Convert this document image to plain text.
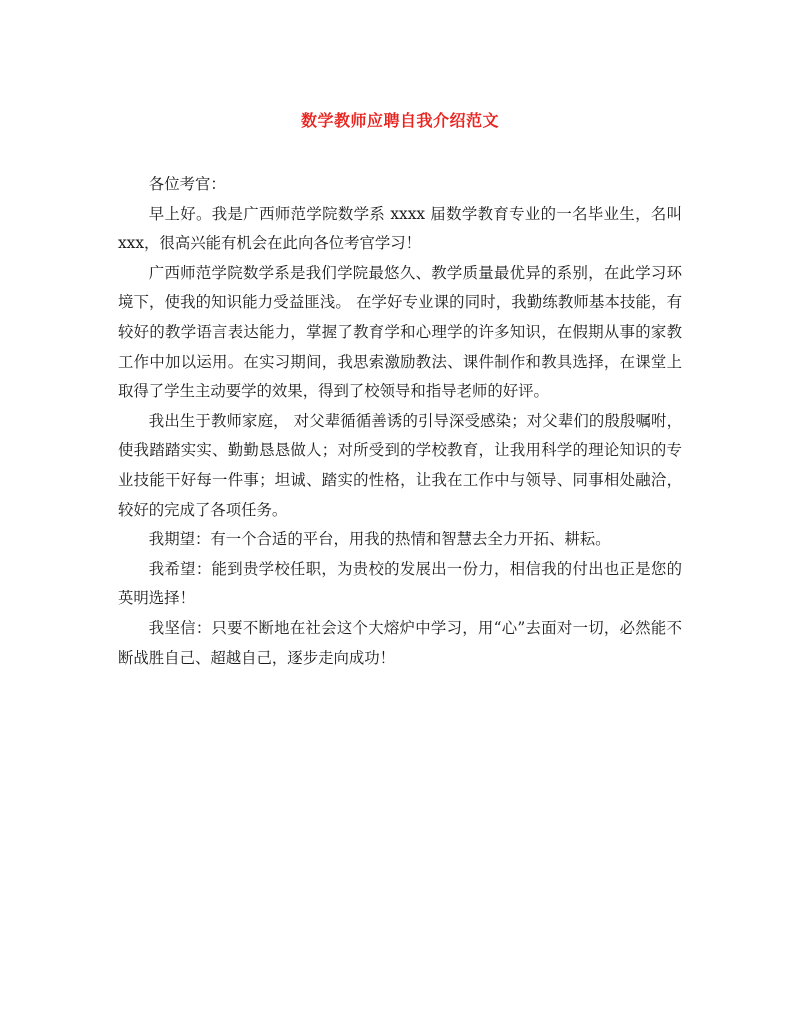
数学教师应聘自我介绍范文

各位考官：

早上好。我是广西师范学院数学系 xxxx 届数学教育专业的一名毕业生，名叫 xxx，很高兴能有机会在此向各位考官学习！

广西师范学院数学系是我们学院最悠久、教学质量最优异的系别，在此学习环境下，使我的知识能力受益匪浅。 在学好专业课的同时，我勤练教师基本技能，有较好的教学语言表达能力，掌握了教育学和心理学的许多知识，在假期从事的家教工作中加以运用。在实习期间，我思索激励教法、课件制作和教具选择，在课堂上取得了学生主动要学的效果，得到了校领导和指导老师的好评。

我出生于教师家庭， 对父辈循循善诱的引导深受感染；对父辈们的殷殷嘱咐，使我踏踏实实、勤勤恳恳做人；对所受到的学校教育，让我用科学的理论知识的专业技能干好每一件事；坦诚、踏实的性格，让我在工作中与领导、同事相处融洽，较好的完成了各项任务。

我期望：有一个合适的平台，用我的热情和智慧去全力开拓、耕耘。

我希望：能到贵学校任职，为贵校的发展出一份力，相信我的付出也正是您的英明选择！

我坚信：只要不断地在社会这个大熔炉中学习，用“心”去面对一切，必然能不断战胜自己、超越自己，逐步走向成功！
